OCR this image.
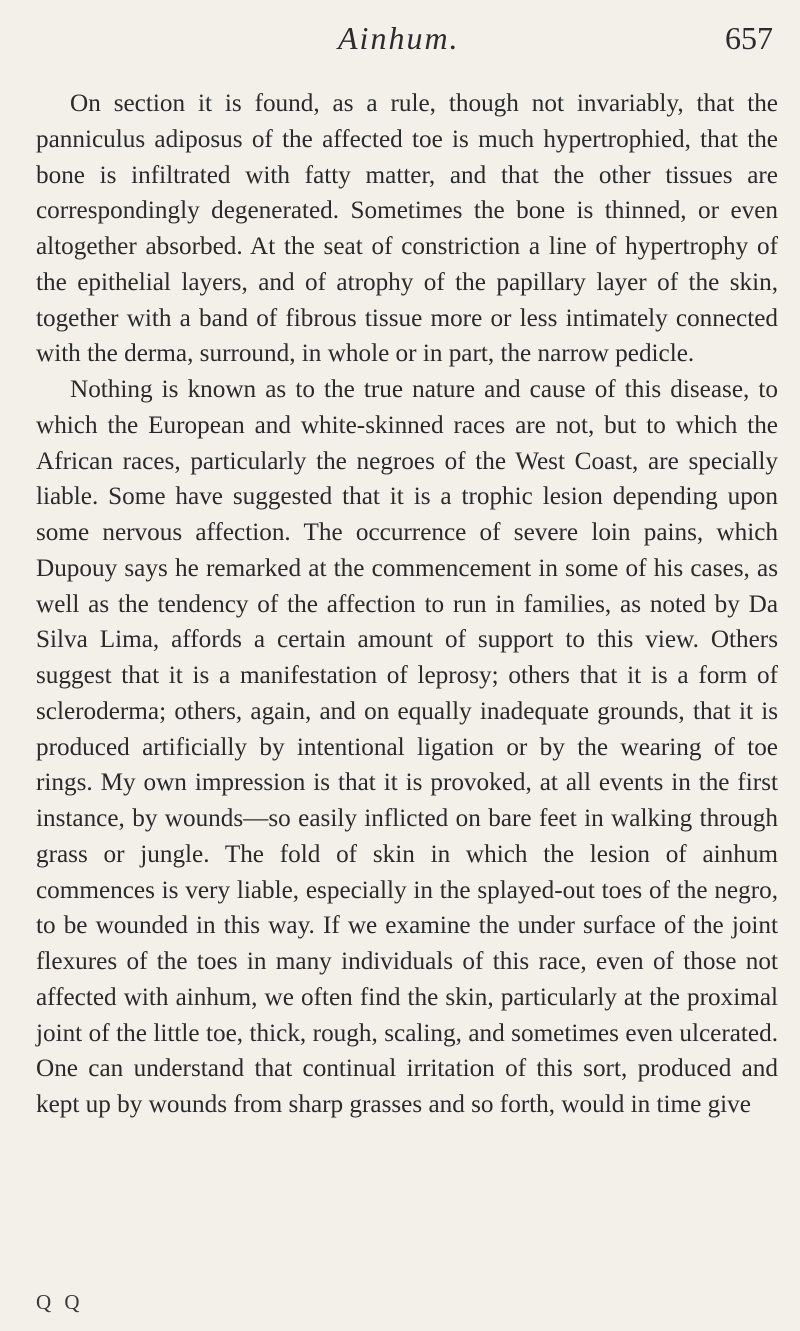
Ainhum.	657

On section it is found, as a rule, though not invariably, that the panniculus adiposus of the affected toe is much hypertrophied, that the bone is infiltrated with fatty matter, and that the other tissues are correspondingly degenerated. Sometimes the bone is thinned, or even altogether absorbed. At the seat of constriction a line of hypertrophy of the epithelial layers, and of atrophy of the papillary layer of the skin, together with a band of fibrous tissue more or less intimately connected with the derma, surround, in whole or in part, the narrow pedicle.

Nothing is known as to the true nature and cause of this disease, to which the European and white-skinned races are not, but to which the African races, particularly the negroes of the West Coast, are specially liable. Some have suggested that it is a trophic lesion depending upon some nervous affection. The occurrence of severe loin pains, which Dupouy says he remarked at the commencement in some of his cases, as well as the tendency of the affection to run in families, as noted by Da Silva Lima, affords a certain amount of support to this view. Others suggest that it is a manifestation of leprosy; others that it is a form of scleroderma; others, again, and on equally inadequate grounds, that it is produced artificially by intentional ligation or by the wearing of toe rings. My own impression is that it is provoked, at all events in the first instance, by wounds—so easily inflicted on bare feet in walking through grass or jungle. The fold of skin in which the lesion of ainhum commences is very liable, especially in the splayed-out toes of the negro, to be wounded in this way. If we examine the under surface of the joint flexures of the toes in many individuals of this race, even of those not affected with ainhum, we often find the skin, particularly at the proximal joint of the little toe, thick, rough, scaling, and sometimes even ulcerated. One can understand that continual irritation of this sort, produced and kept up by wounds from sharp grasses and so forth, would in time give

Q Q
